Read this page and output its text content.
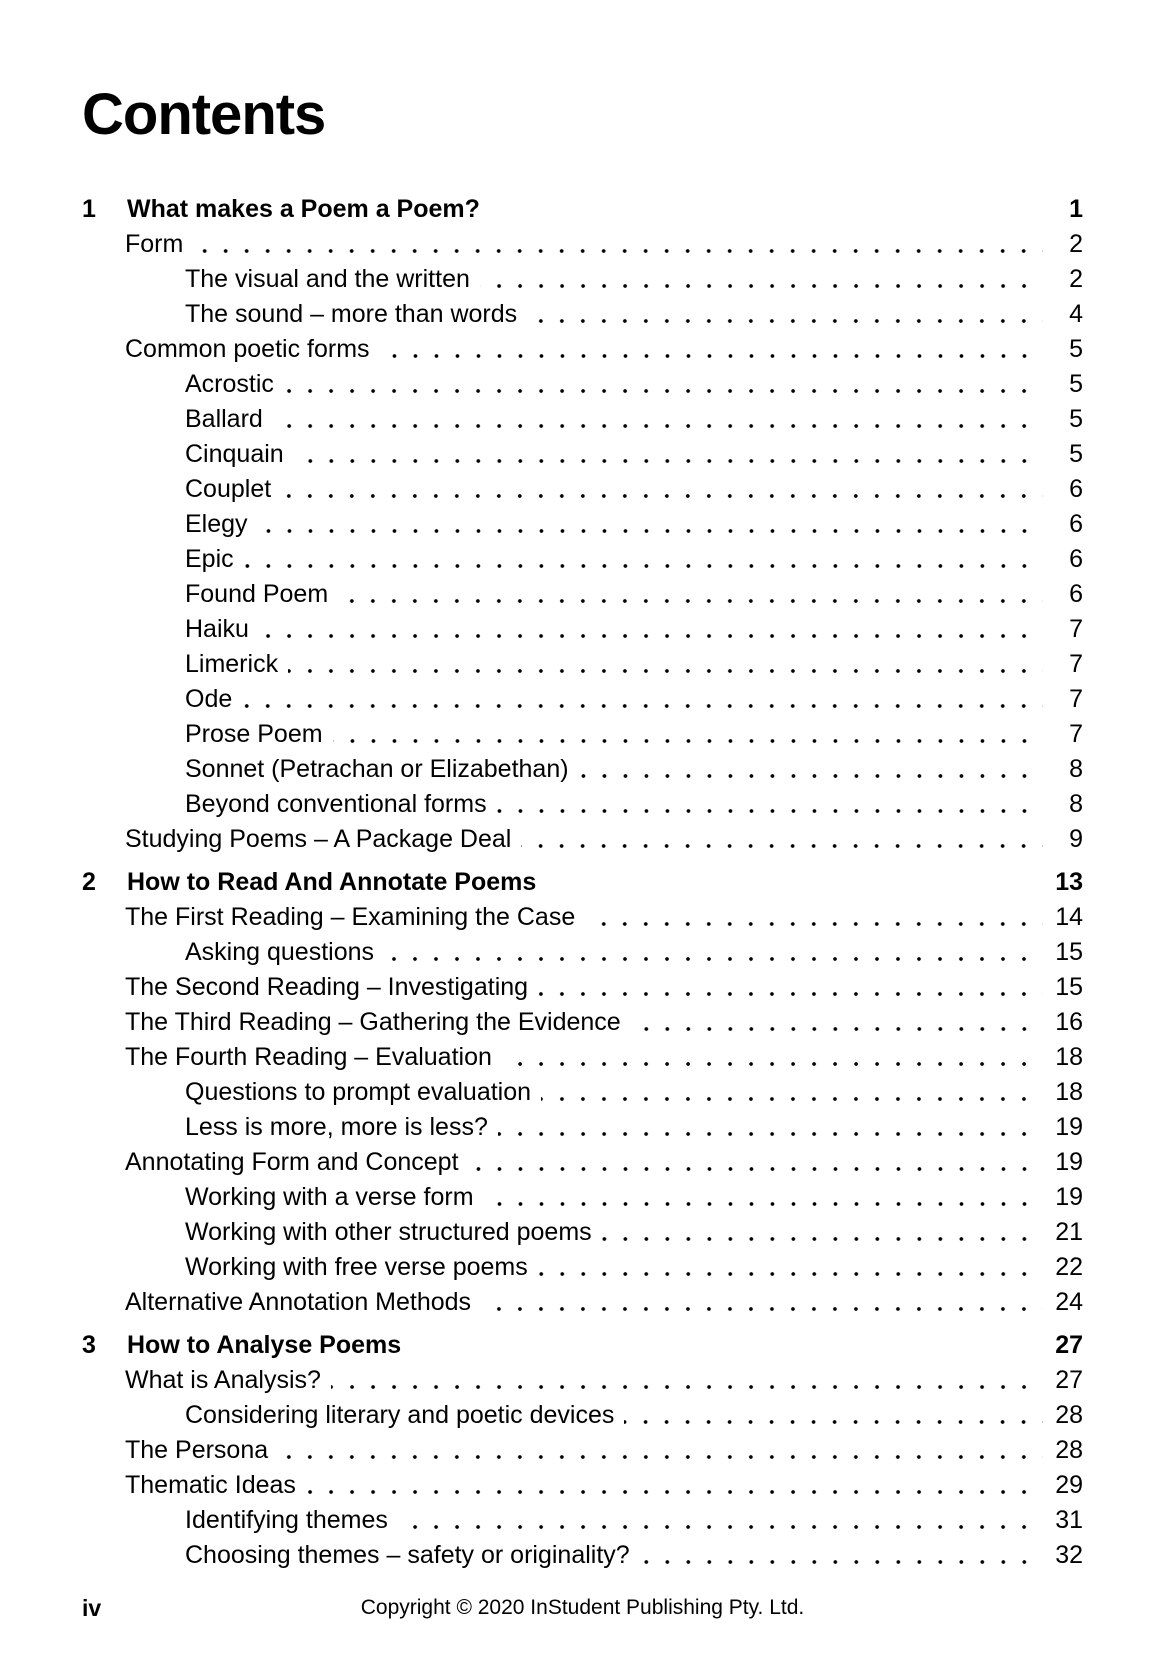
Contents
1	What makes a Poem a Poem?	1
Form	2
The visual and the written	2
The sound – more than words	4
Common poetic forms	5
Acrostic	5
Ballard	5
Cinquain	5
Couplet	6
Elegy	6
Epic	6
Found Poem	6
Haiku	7
Limerick	7
Ode	7
Prose Poem	7
Sonnet (Petrachan or Elizabethan)	8
Beyond conventional forms	8
Studying Poems – A Package Deal	9
2	How to Read And Annotate Poems	13
The First Reading – Examining the Case	14
Asking questions	15
The Second Reading – Investigating	15
The Third Reading – Gathering the Evidence	16
The Fourth Reading – Evaluation	18
Questions to prompt evaluation	18
Less is more, more is less?	19
Annotating Form and Concept	19
Working with a verse form	19
Working with other structured poems	21
Working with free verse poems	22
Alternative Annotation Methods	24
3	How to Analyse Poems	27
What is Analysis?	27
Considering literary and poetic devices	28
The Persona	28
Thematic Ideas	29
Identifying themes	31
Choosing themes – safety or originality?	32
iv	Copyright © 2020 InStudent Publishing Pty. Ltd.
